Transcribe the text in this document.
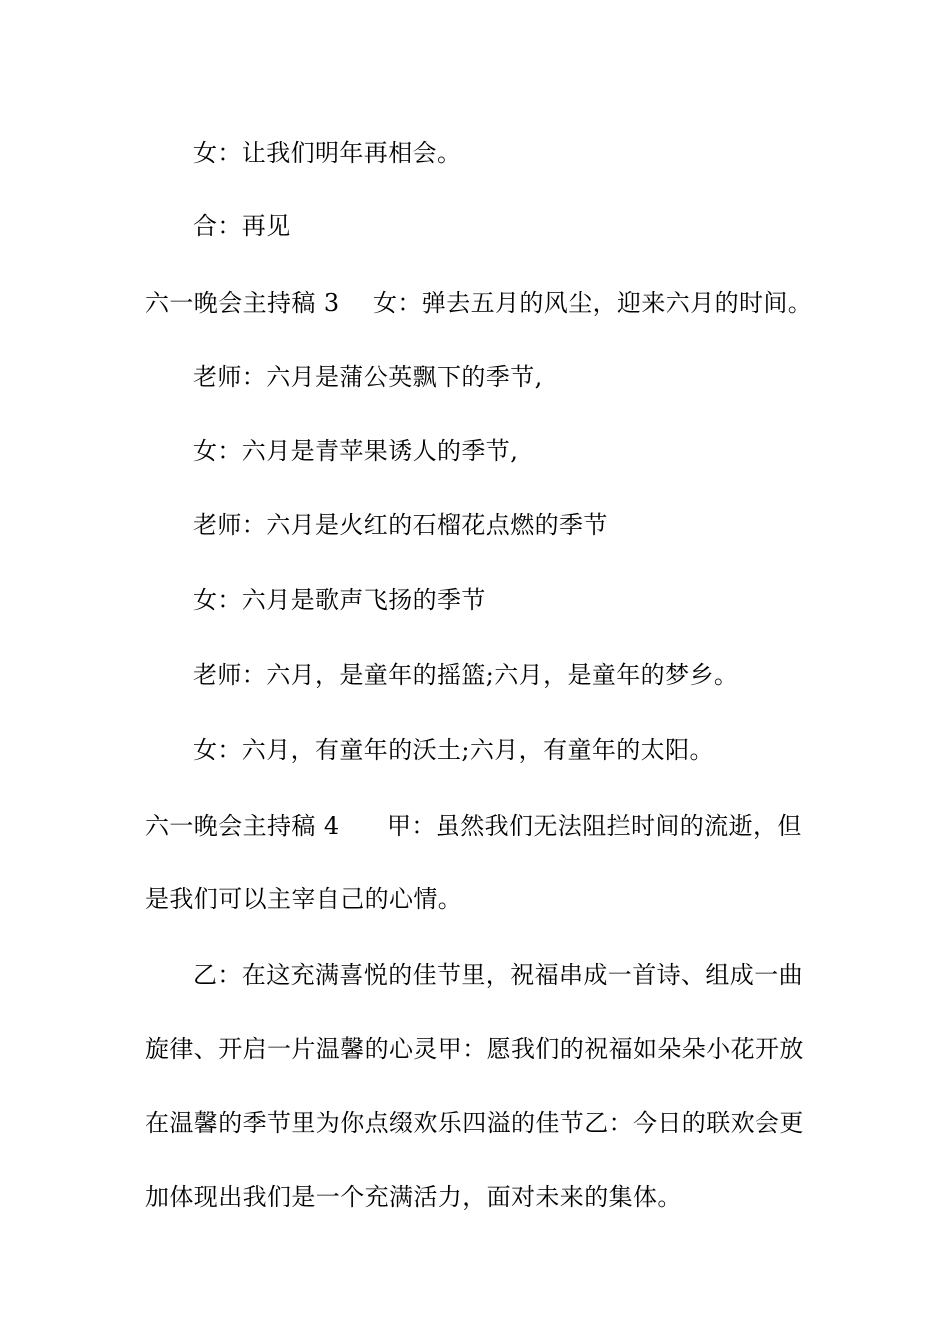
女：让我们明年再相会。
合：再见
六一晚会主持稿 3 女：弹去五月的风尘，迎来六月的时间。
老师：六月是蒲公英飘下的季节,
女：六月是青苹果诱人的季节,
老师：六月是火红的石榴花点燃的季节
女：六月是歌声飞扬的季节
老师：六月，是童年的摇篮;六月，是童年的梦乡。
女：六月，有童年的沃土;六月，有童年的太阳。
六一晚会主持稿 4 甲：虽然我们无法阻拦时间的流逝，但
是我们可以主宰自己的心情。
乙：在这充满喜悦的佳节里，祝福串成一首诗、组成一曲
旋律、开启一片温馨的心灵甲：愿我们的祝福如朵朵小花开放
在温馨的季节里为你点缀欢乐四溢的佳节乙：今日的联欢会更
加体现出我们是一个充满活力，面对未来的集体。
